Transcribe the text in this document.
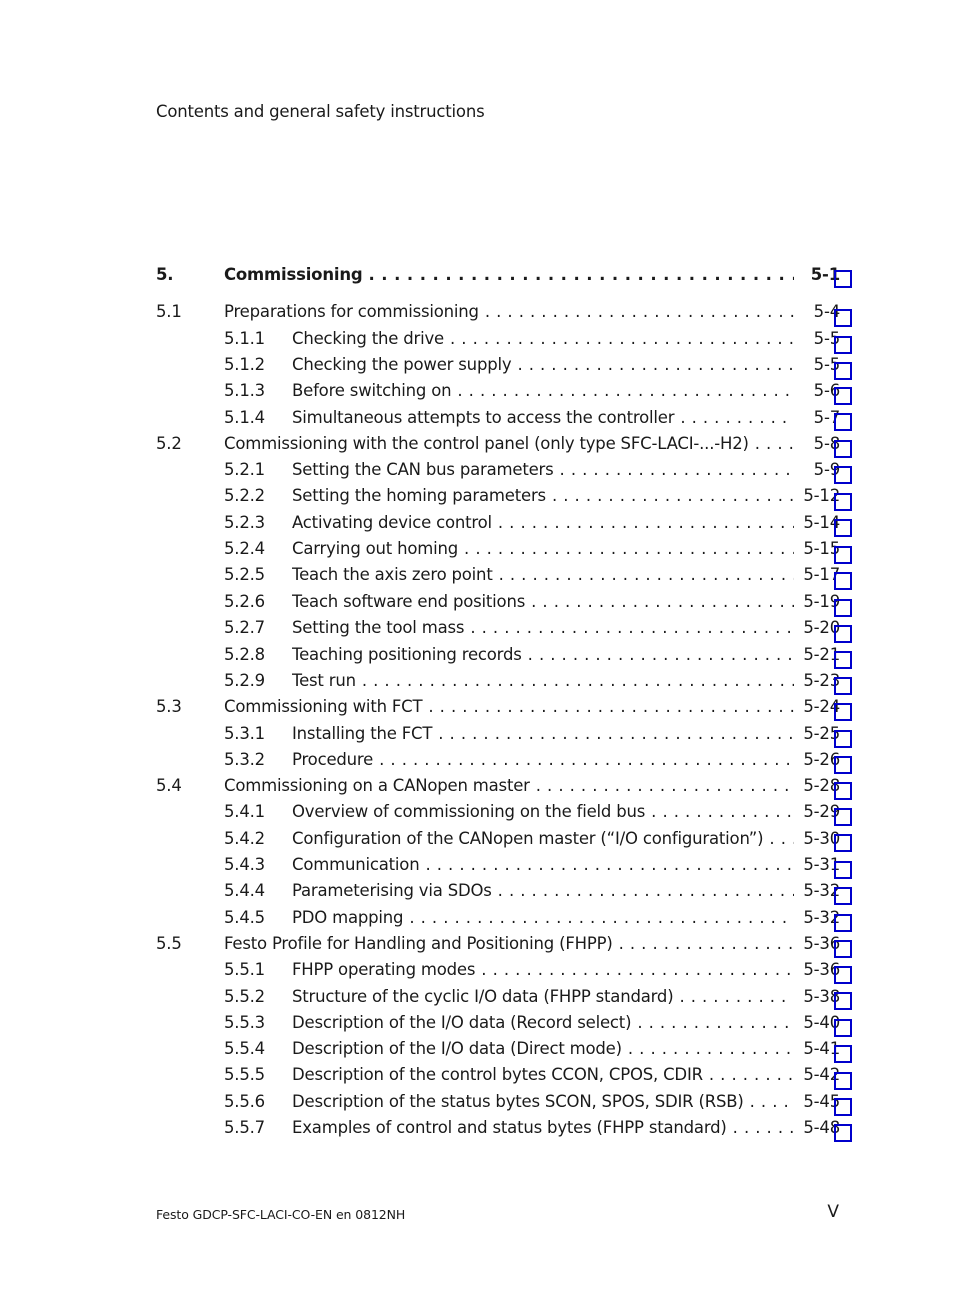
Contents and general safety instructions
5.	Commissioning . . .	5-1
5.1	Preparations for commissioning . . .	5-4
5.1.1 Checking the drive . . .	5-5
5.1.2 Checking the power supply . . .	5-5
5.1.3 Before switching on . . .	5-6
5.1.4 Simultaneous attempts to access the controller . . .	5-7
5.2	Commissioning with the control panel (only type SFC-LACI-...-H2) . . .	5-8
5.2.1 Setting the CAN bus parameters . . .	5-9
5.2.2 Setting the homing parameters . . .	5-12
5.2.3 Activating device control . . .	5-14
5.2.4 Carrying out homing . . .	5-15
5.2.5 Teach the axis zero point . . .	5-17
5.2.6 Teach software end positions . . .	5-19
5.2.7 Setting the tool mass . . .	5-20
5.2.8 Teaching positioning records . . .	5-21
5.2.9 Test run . . .	5-23
5.3	Commissioning with FCT . . .	5-24
5.3.1 Installing the FCT . . .	5-25
5.3.2 Procedure . . .	5-26
5.4	Commissioning on a CANopen master . . .	5-28
5.4.1 Overview of commissioning on the field bus . . .	5-29
5.4.2 Configuration of the CANopen master (“I/O configuration”) . . .	5-30
5.4.3 Communication . . .	5-31
5.4.4 Parameterising via SDOs . . .	5-32
5.4.5 PDO mapping . . .	5-32
5.5	Festo Profile for Handling and Positioning (FHPP) . . .	5-36
5.5.1 FHPP operating modes . . .	5-36
5.5.2 Structure of the cyclic I/O data (FHPP standard) . . .	5-38
5.5.3 Description of the I/O data (Record select) . . .	5-40
5.5.4 Description of the I/O data (Direct mode) . . .	5-41
5.5.5 Description of the control bytes CCON, CPOS, CDIR . . .	5-42
5.5.6 Description of the status bytes SCON, SPOS, SDIR (RSB) . . .	5-45
5.5.7 Examples of control and status bytes (FHPP standard) . . .	5-48
Festo GDCP-SFC-LACI-CO-EN en 0812NH	V
